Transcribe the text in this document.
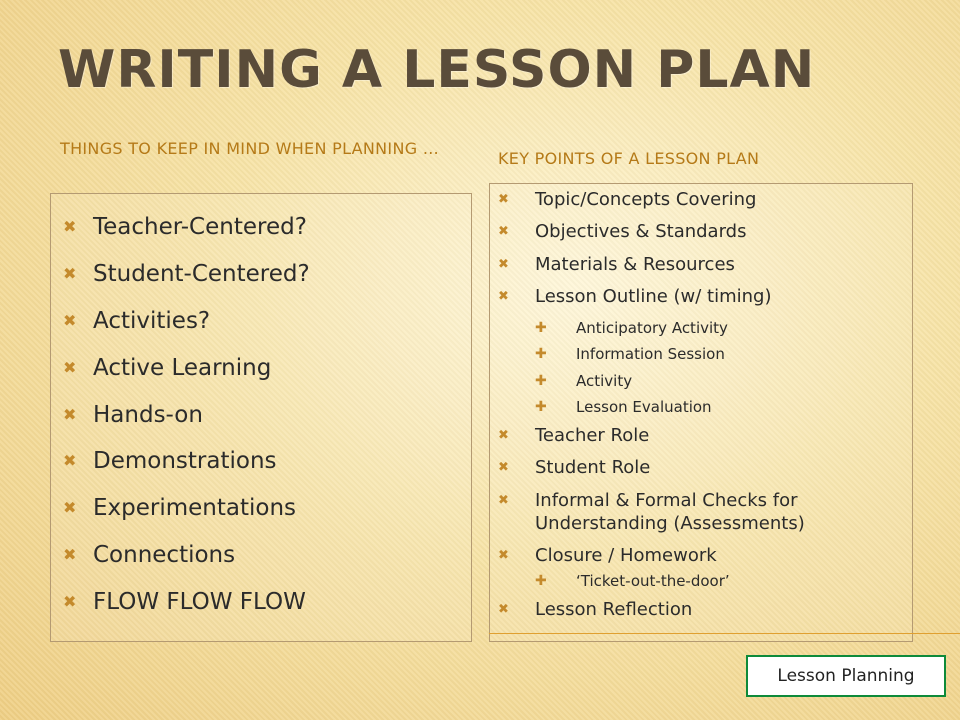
WRITING A LESSON PLAN
THINGS TO KEEP IN MIND WHEN PLANNING …
KEY POINTS OF A LESSON PLAN
✖ Teacher-Centered?
✖ Student-Centered?
✖ Activities?
✖ Active Learning
✖ Hands-on
✖ Demonstrations
✖ Experimentations
✖ Connections
✖ FLOW FLOW FLOW
✖	Topic/Concepts Covering
✖	Objectives & Standards
✖	Materials & Resources
✖	Lesson Outline (w/ timing)
✚	Anticipatory Activity
✚	Information Session
✚	Activity
✚	Lesson Evaluation
✖	Teacher Role
✖	Student Role
✖	Informal & Formal Checks for Understanding (Assessments)
✖	Closure / Homework
✚	‘Ticket-out-the-door’
✖	Lesson Reflection
Lesson Planning
